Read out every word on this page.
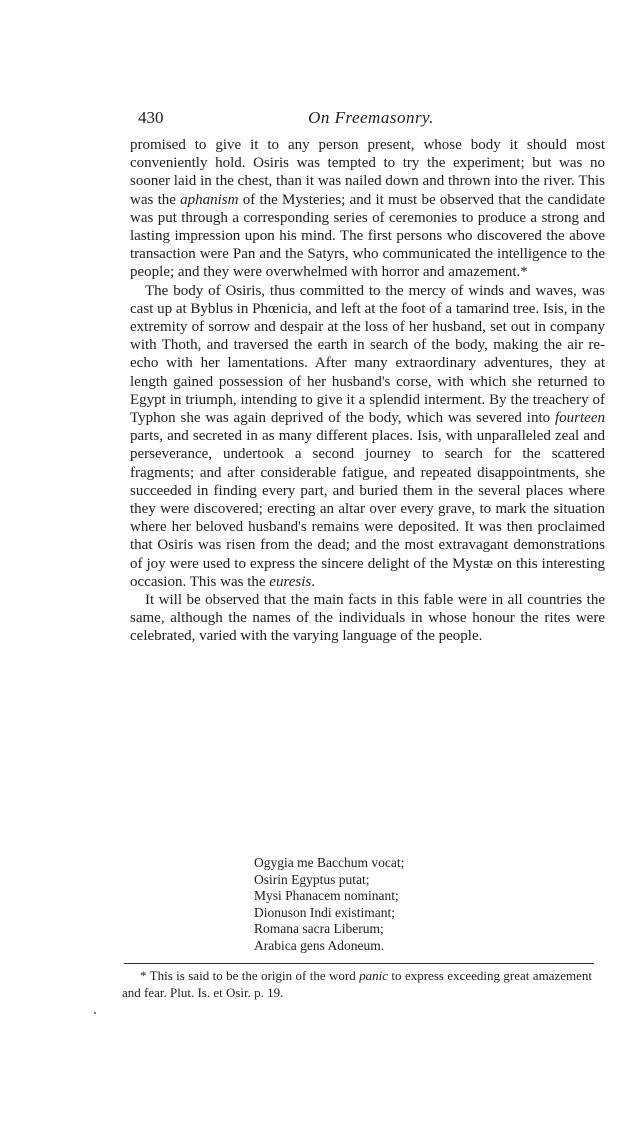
430	On Freemasonry.

promised to give it to any person present, whose body it should most conveniently hold. Osiris was tempted to try the experiment; but was no sooner laid in the chest, than it was nailed down and thrown into the river. This was the aphanism of the Mysteries; and it must be observed that the candidate was put through a corresponding series of ceremonies to produce a strong and lasting impression upon his mind. The first persons who discovered the above transaction were Pan and the Satyrs, who communicated the intelligence to the people; and they were overwhelmed with horror and amazement.*

The body of Osiris, thus committed to the mercy of winds and waves, was cast up at Byblus in Phœnicia, and left at the foot of a tamarind tree. Isis, in the extremity of sorrow and despair at the loss of her husband, set out in company with Thoth, and traversed the earth in search of the body, making the air re-echo with her lamentations. After many extraordinary adventures, they at length gained possession of her husband's corse, with which she returned to Egypt in triumph, intending to give it a splendid interment. By the treachery of Typhon she was again deprived of the body, which was severed into fourteen parts, and secreted in as many different places. Isis, with unparalleled zeal and perseverance, undertook a second journey to search for the scattered fragments; and after considerable fatigue, and repeated disappointments, she succeeded in finding every part, and buried them in the several places where they were discovered; erecting an altar over every grave, to mark the situation where her beloved husband's remains were deposited. It was then proclaimed that Osiris was risen from the dead; and the most extravagant demonstrations of joy were used to express the sincere delight of the Mystæ on this interesting occasion. This was the euresis.

It will be observed that the main facts in this fable were in all countries the same, although the names of the individuals in whose honour the rites were celebrated, varied with the varying language of the people.

Ogygia me Bacchum vocat;
Osirin Egyptus putat;
Mysi Phanacem nominant;
Dionuson Indi existimant;
Romana sacra Liberum;
Arabica gens Adoneum.
* This is said to be the origin of the word panic to express exceeding great amazement and fear. Plut. Is. et Osir. p. 19.
